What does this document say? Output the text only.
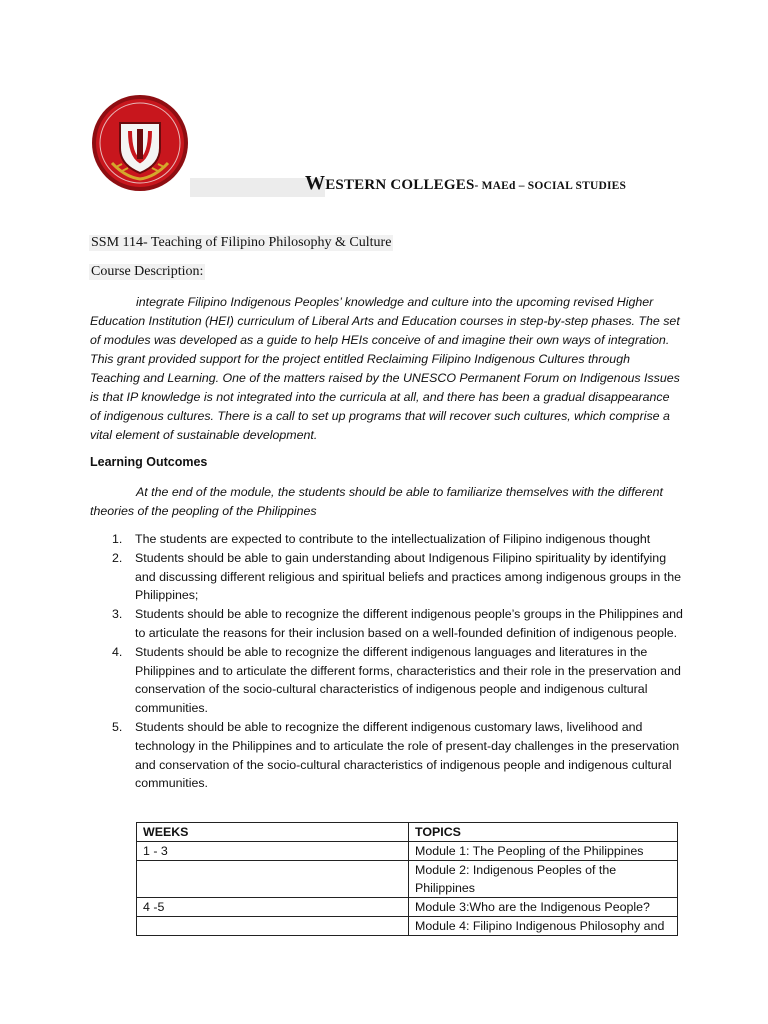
WESTERN COLLEGES- MAEd – SOCIAL STUDIES
SSM 114- Teaching of Filipino Philosophy & Culture
Course Description:
integrate Filipino Indigenous Peoples’ knowledge and culture into the upcoming revised Higher Education Institution (HEI) curriculum of Liberal Arts and Education courses in step-by-step phases. The set of modules was developed as a guide to help HEIs conceive of and imagine their own ways of integration. This grant provided support for the project entitled Reclaiming Filipino Indigenous Cultures through Teaching and Learning. One of the matters raised by the UNESCO Permanent Forum on Indigenous Issues is that IP knowledge is not integrated into the curricula at all, and there has been a gradual disappearance of indigenous cultures. There is a call to set up programs that will recover such cultures, which comprise a vital element of sustainable development.
Learning Outcomes
At the end of the module, the students should be able to familiarize themselves with the different theories of the peopling of the Philippines
1. The students are expected to contribute to the intellectualization of Filipino indigenous thought
2. Students should be able to gain understanding about Indigenous Filipino spirituality by identifying and discussing different religious and spiritual beliefs and practices among indigenous groups in the Philippines;
3. Students should be able to recognize the different indigenous people’s groups in the Philippines and to articulate the reasons for their inclusion based on a well-founded definition of indigenous people.
4. Students should be able to recognize the different indigenous languages and literatures in the Philippines and to articulate the different forms, characteristics and their role in the preservation and conservation of the socio-cultural characteristics of indigenous people and indigenous cultural communities.
5. Students should be able to recognize the different indigenous customary laws, livelihood and technology in the Philippines and to articulate the role of present-day challenges in the preservation and conservation of the socio-cultural characteristics of indigenous people and indigenous cultural communities.
WEEKS	TOPICS
1 - 3	Module 1: The Peopling of the Philippines
	Module 2: Indigenous Peoples of the Philippines
4 -5	Module 3:Who are the Indigenous People?
	Module 4: Filipino Indigenous Philosophy and
